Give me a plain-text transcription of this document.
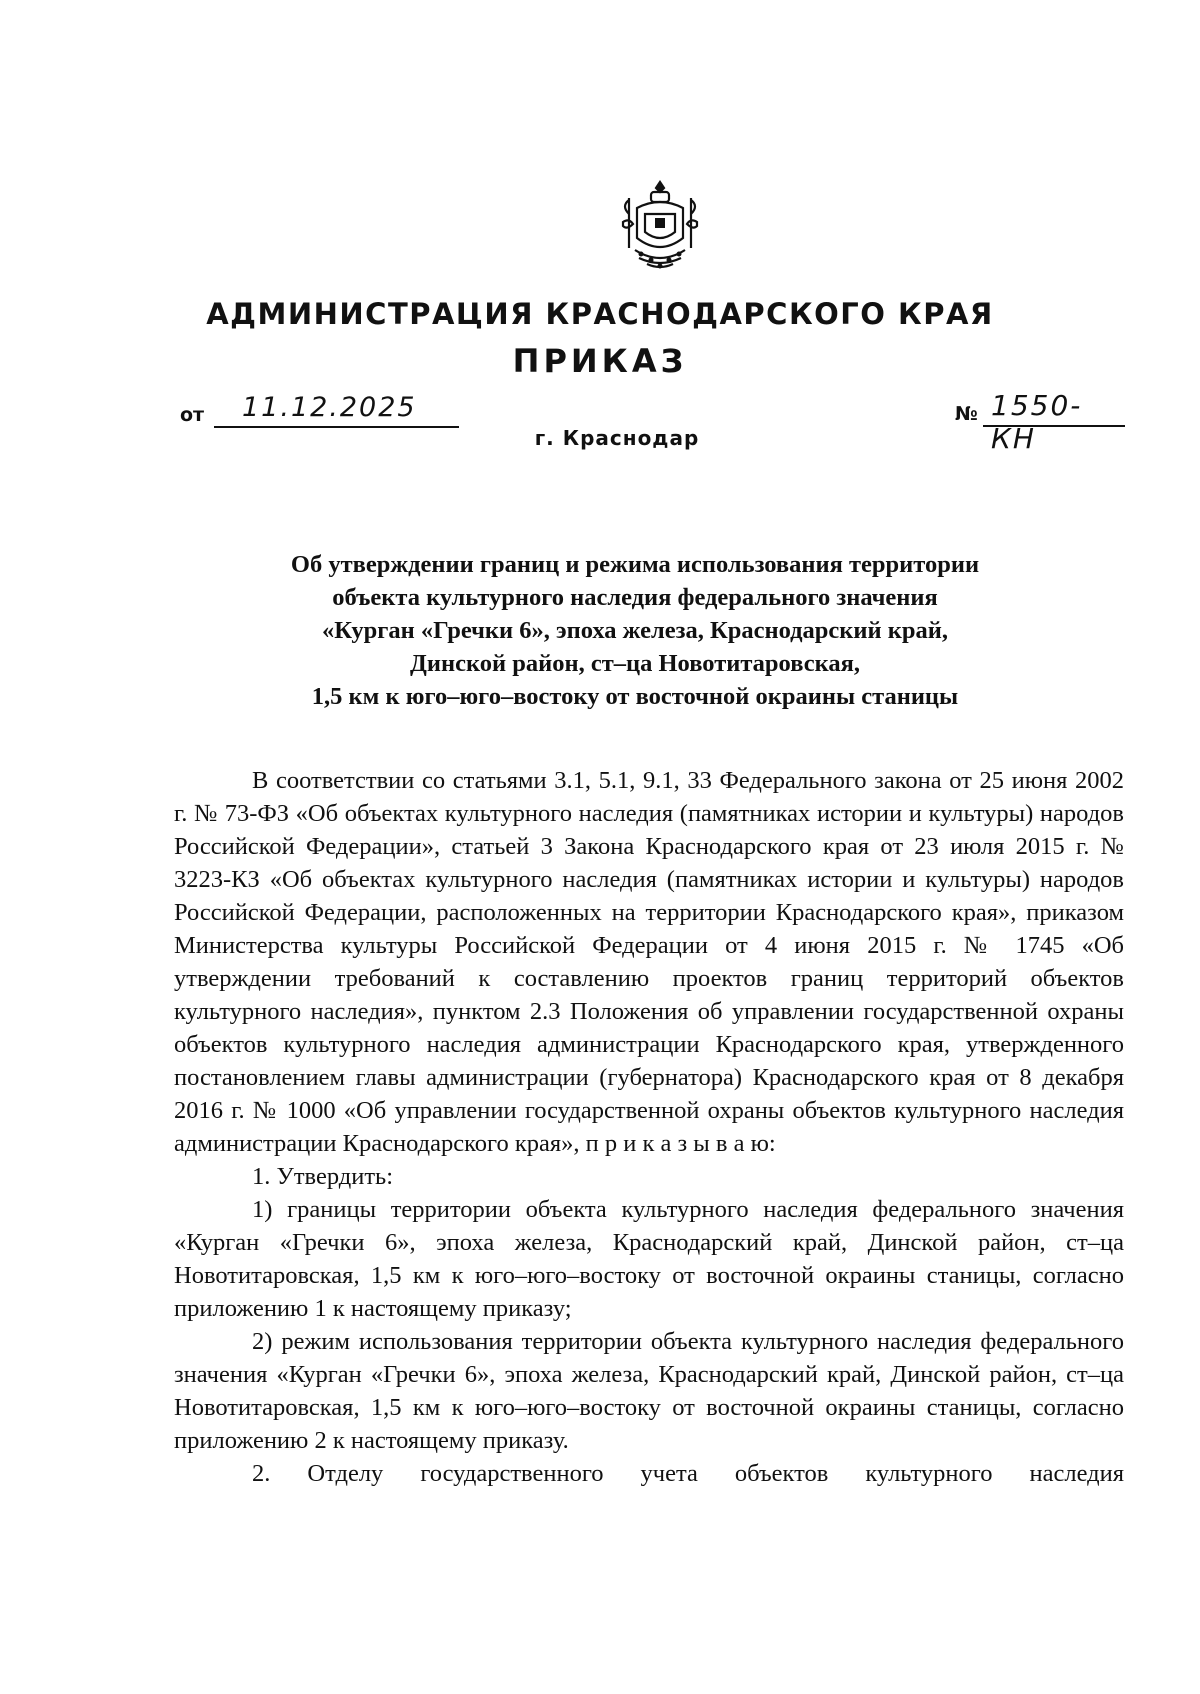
АДМИНИСТРАЦИЯ КРАСНОДАРСКОГО КРАЯ
ПРИКАЗ
от 11.12.2025	№ 1550-КН
г. Краснодар
Об утверждении границ и режима использования территории
объекта культурного наследия федерального значения
«Курган «Гречки 6», эпоха железа, Краснодарский край,
Динской район, ст–ца Новотитаровская,
1,5 км к юго–юго–востоку от восточной окраины станицы

В соответствии со статьями 3.1, 5.1, 9.1, 33 Федерального закона от 25 июня 2002 г. № 73-ФЗ «Об объектах культурного наследия (памятниках истории и культуры) народов Российской Федерации», статьей 3 Закона Краснодарского края от 23 июля 2015 г. № 3223-КЗ «Об объектах культурного наследия (памятниках истории и культуры) народов Российской Федерации, расположенных на территории Краснодарского края», приказом Министерства культуры Российской Федерации от 4 июня 2015 г. № 1745 «Об утверждении требований к составлению проектов границ территорий объектов культурного наследия», пунктом 2.3 Положения об управлении государственной охраны объектов культурного наследия администрации Краснодарского края, утвержденного постановлением главы администрации (губернатора) Краснодарского края от 8 декабря 2016 г. № 1000 «Об управлении государственной охраны объектов культурного наследия администрации Краснодарского края», п р и к а з ы в а ю:

1. Утвердить:

1) границы территории объекта культурного наследия федерального значения «Курган «Гречки 6», эпоха железа, Краснодарский край, Динской район, ст–ца Новотитаровская, 1,5 км к юго–юго–востоку от восточной окраины станицы, согласно приложению 1 к настоящему приказу;

2) режим использования территории объекта культурного наследия федерального значения «Курган «Гречки 6», эпоха железа, Краснодарский край, Динской район, ст–ца Новотитаровская, 1,5 км к юго–юго–востоку от восточной окраины станицы, согласно приложению 2 к настоящему приказу.

2. Отделу государственного учета объектов культурного наследия
